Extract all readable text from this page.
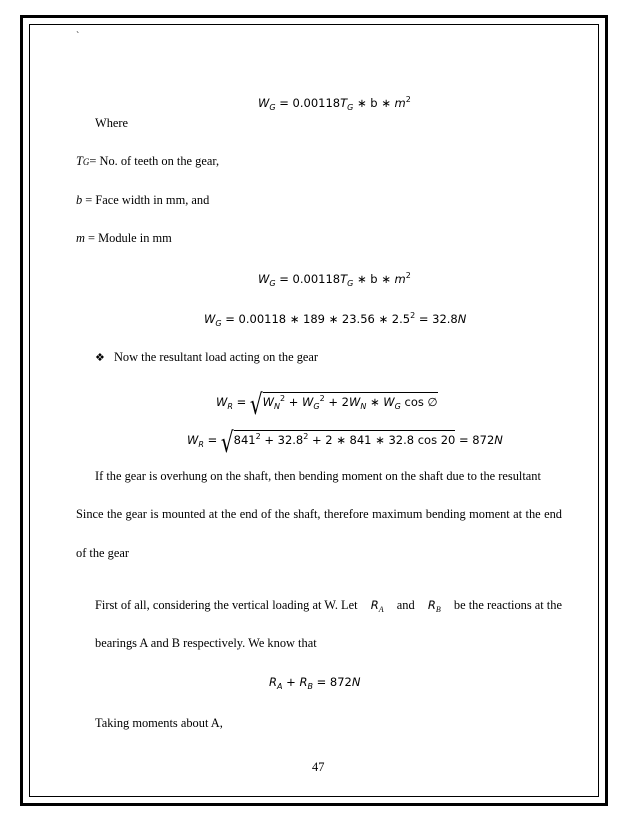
`
$W_G = 0.00118T_G$ ∗ b ∗ $m^2$
Where
TG= No. of teeth on the gear,
b = Face width in mm, and
m = Module in mm
$W_G = 0.00118T_G$ ∗ b ∗ $m^2$
$W_G = 0.00118$ ∗ 189 ∗ 23.56 ∗ $2.5^2 = 32.8N$
❖ Now the resultant load acting on the gear
$W_R = √W_N^2 + W_G^2 + 2W_N$ ∗ $W_G$ cos ∅
$W_R = √841^2 + 32.8^2 + 2$ ∗ 841 ∗ 32.8 cos 20 = 872N
If the gear is overhung on the shaft, then bending moment on the shaft due to the resultant
Since the gear is mounted at the end of the shaft, therefore maximum bending moment at the end
of the gear
First of all, considering the vertical loading at W. Let $R_A$ and $R_B$ be the reactions at the
bearings A and B respectively. We know that
$R_A + R_B = 872N$
Taking moments about A,
47
